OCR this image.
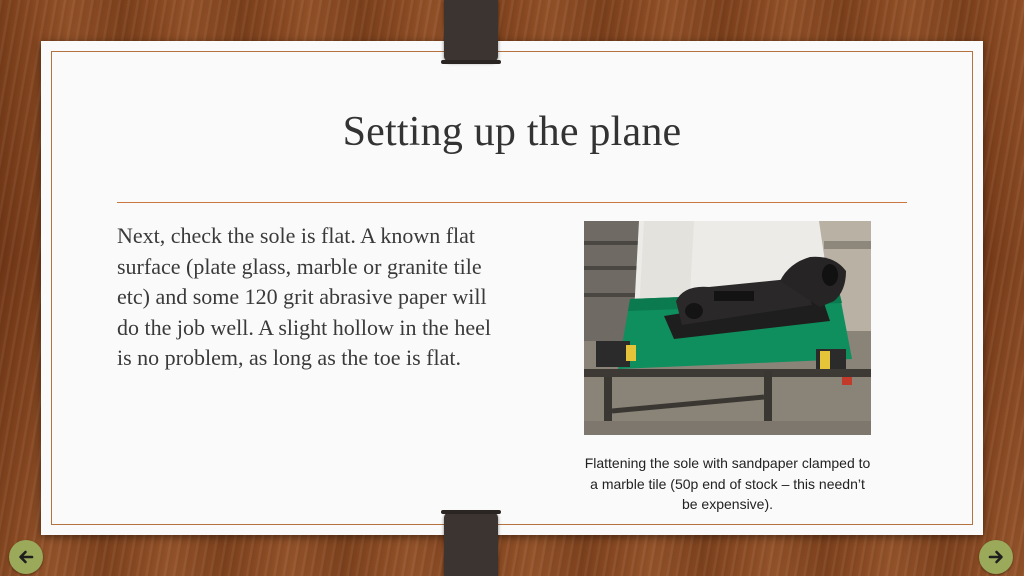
Setting up the plane
Next, check the sole is flat. A known flat surface (plate glass, marble or granite tile etc) and some 120 grit abrasive paper will do the job well. A slight hollow in the heel is no problem, as long as the toe is flat.
Flattening the sole with sandpaper clamped to a marble tile (50p end of stock – this needn’t be expensive).
